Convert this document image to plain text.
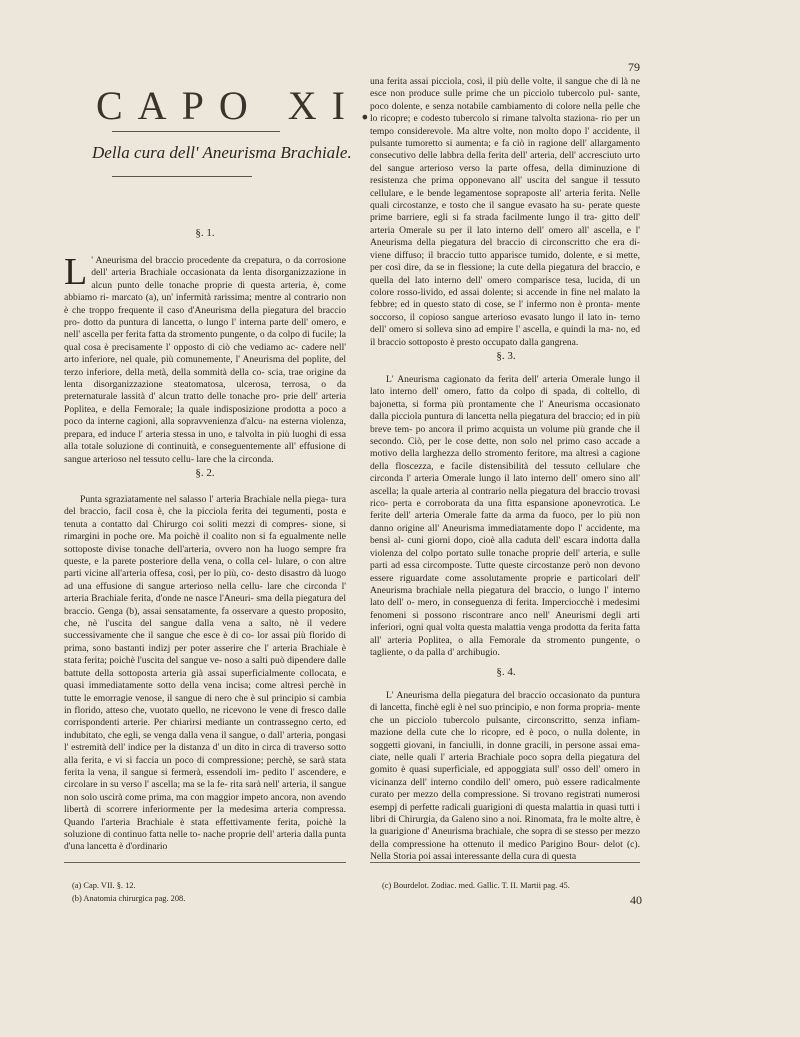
79
CAPO XI.
Della cura dell' Aneurisma Brachiale.
§. 1.

L ' Aneurisma del braccio procedente da crepatura, o da corrosione dell' arteria Brachiale occasionata da lenta disorganizzazione in alcun punto delle tonache proprie di questa arteria, è, come abbiamo ri- marcato (a), un' infermità rarissima; mentre al contrario non è che troppo frequente il caso d'Aneurisma della piegatura del braccio pro- dotto da puntura di lancetta, o lungo l' interna parte dell' omero, e nell' ascella per ferita fatta da stromento pungente, o da colpo di fucile; la qual cosa è precisamente l' opposto di ciò che vediamo ac- cadere nell' arto inferiore, nel quale, più comunemente, l' Aneurisma del poplite, del terzo inferiore, della metà, della sommità della co- scia, trae origine da lenta disorganizzazione steatomatosa, ulcerosa, terrosa, o da preternaturale lassità d' alcun tratto delle tonache pro- prie dell' arteria Poplitea, e della Femorale; la quale indisposizione prodotta a poco a poco da interne cagioni, alla sopravvenienza d'alcu- na esterna violenza, prepara, ed induce l' arteria stessa in uno, e talvolta in più luoghi di essa alla totale soluzione di continuità, e conseguentemente all' effusione di sangue arterioso nel tessuto cellu- lare che la circonda.

§. 2.

Punta sgraziatamente nel salasso l' arteria Brachiale nella piega- tura del braccio, facil cosa è, che la picciola ferita dei tegumenti, posta e tenuta a contatto dal Chirurgo coi soliti mezzi di compres- sione, si rimargini in poche ore. Ma poichè il coalito non si fa egualmente nelle sottoposte divise tonache dell'arteria, ovvero non ha luogo sempre fra queste, e la parete posteriore della vena, o colla cel- lulare, o con altre parti vicine all'arteria offesa, così, per lo più, co- desto disastro dà luogo ad una effusione di sangue arterioso nella cellu- lare che circonda l' arteria Brachiale ferita, d'onde ne nasce l'Aneuri- sma della piegatura del braccio. Genga (b), assai sensatamente, fa osservare a questo proposito, che, nè l'uscita del sangue dalla vena a salto, nè il vedere successivamente che il sangue che esce è di co- lor assai più florido di prima, sono bastanti indizj per poter asserire che l' arteria Brachiale è stata ferita; poichè l'uscita del sangue ve- noso a salti può dipendere dalle battute della sottoposta arteria già assai superficialmente collocata, e quasi immediatamente sotto della vena incisa; come altresì perchè in tutte le emorragie venose, il sangue di nero che è sul principio si cambia in florido, atteso che, vuotato quello, ne ricevono le vene di fresco dalle corrispondenti arterie. Per chiarirsi mediante un contrassegno certo, ed indubitato, che egli, se venga dalla vena il sangue, o dall' arteria, pongasi l' estremità dell' indice per la distanza d' un dito in circa di traverso sotto alla ferita, e vi si faccia un poco di compressione; perchè, se sarà stata ferita la vena, il sangue si fermerà, essendoli im- pedito l' ascendere, e circolare in su verso l' ascella; ma se la fe- rita sarà nell' arteria, il sangue non solo uscirà come prima, ma con maggior impeto ancora, non avendo libertà di scorrere inferiormente per la medesima arteria compressa. Quando l'arteria Brachiale è stata effettivamente ferita, poichè la soluzione di continuo fatta nelle to- nache proprie dell' arteria dalla punta d'una lancetta è d'ordinario

una ferita assai picciola, così, il più delle volte, il sangue che di là ne esce non produce sulle prime che un picciolo tubercolo pul- sante, poco dolente, e senza notabile cambiamento di colore nella pelle che lo ricopre; e codesto tubercolo si rimane talvolta staziona- rio per un tempo considerevole. Ma altre volte, non molto dopo l' accidente, il pulsante tumoretto si aumenta; e fa ciò in ragione dell' allargamento consecutivo delle labbra della ferita dell' arteria, dell' accresciuto urto del sangue arterioso verso la parte offesa, della diminuzione di resistenza che prima opponevano all' uscita del sangue il tessuto cellulare, e le bende legamentose sopraposte all' arteria ferita. Nelle quali circostanze, e tosto che il sangue evasato ha su- perate queste prime barriere, egli si fa strada facilmente lungo il tra- gitto dell' arteria Omerale su per il lato interno dell' omero all' ascella, e l' Aneurisma della piegatura del braccio di circonscritto che era di- viene diffuso; il braccio tutto apparisce tumido, dolente, e si mette, per così dire, da se in flessione; la cute della piegatura del braccio, e quella del lato interno dell' omero comparisce tesa, lucida, di un colore rosso-livido, ed assai dolente; si accende in fine nel malato la febbre; ed in questo stato di cose, se l' infermo non è pronta- mente soccorso, il copioso sangue arterioso evasato lungo il lato in- terno dell' omero si solleva sino ad empire l' ascella, e quindi la ma- no, ed il braccio sottoposto è presto occupato dalla gangrena.

§. 3.

L' Aneurisma cagionato da ferita dell' arteria Omerale lungo il lato interno dell' omero, fatto da colpo di spada, di coltello, di bajonetta, si forma più prontamente che l' Aneurisma occasionato dalla picciola puntura di lancetta nella piegatura del braccio; ed in più breve tem- po ancora il primo acquista un volume più grande che il secondo. Ciò, per le cose dette, non solo nel primo caso accade a motivo della larghezza dello stromento feritore, ma altresì a cagione della floscezza, e facile distensibilità del tessuto cellulare che circonda l' arteria Omerale lungo il lato interno dell' omero sino all' ascella; la quale arteria al contrario nella piegatura del braccio trovasi rico- perta e corroborata da una fitta espansione aponevrotica. Le ferite dell' arteria Omerale fatte da arma da fuoco, per lo più non danno origine all' Aneurisma immediatamente dopo l' accidente, ma bensì al- cuni giorni dopo, cioè alla caduta dell' escara indotta dalla violenza del colpo portato sulle tonache proprie dell' arteria, e sulle parti ad essa circomposte. Tutte queste circostanze però non devono essere riguardate come assolutamente proprie e particolari dell' Aneurisma brachiale nella piegatura del braccio, o lungo l' interno lato dell' o- mero, in conseguenza di ferita. Imperciocchè i medesimi fenomeni si possono riscontrare anco nell' Aneurismi degli arti inferiori, ogni qual volta questa malattia venga prodotta da ferita fatta all' arteria Poplitea, o alla Femorale da stromento pungente, o tagliente, o da palla d' archibugio.

§. 4.

L' Aneurisma della piegatura del braccio occasionato da puntura di lancetta, finchè egli è nel suo principio, e non forma propria- mente che un picciolo tubercolo pulsante, circonscritto, senza infiam- mazione della cute che lo ricopre, ed è poco, o nulla dolente, in soggetti giovani, in fanciulli, in donne gracili, in persone assai ema- ciate, nelle quali l' arteria Brachiale poco sopra della piegatura del gomito è quasi superficiale, ed appoggiata sull' osso dell' omero in vicinanza dell' interno condilo dell' omero, può essere radicalmente curato per mezzo della compressione. Si trovano registrati numerosi esempj di perfette radicali guarigioni di questa malattia in quasi tutti i libri di Chirurgia, da Galeno sino a noi. Rinomata, fra le molte altre, è la guarigione d' Aneurisma brachiale, che sopra di se stesso per mezzo della compressione ha ottenuto il medico Parigino Bour- delot (c). Nella Storia poi assai interessante della cura di questa

(a) Cap. VII. §. 12.
(b) Anatomia chirurgica pag. 208.
(c) Bourdelot. Zodiac. med. Gallic. T. II. Martii pag. 45.
40
